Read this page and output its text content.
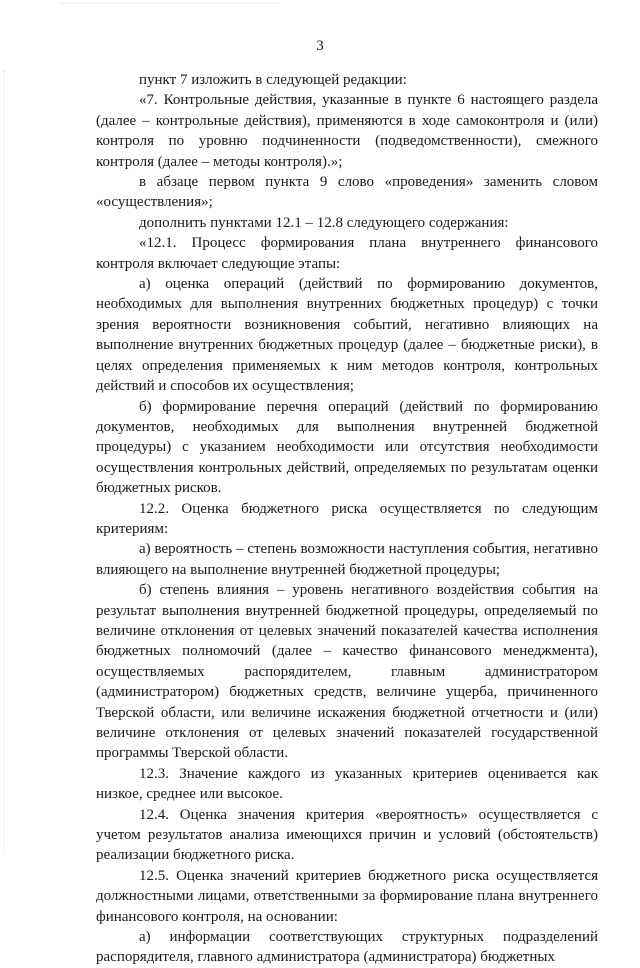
3

пункт 7 изложить в следующей редакции:

«7. Контрольные действия, указанные в пункте 6 настоящего раздела (далее – контрольные действия), применяются в ходе самоконтроля и (или) контроля по уровню подчиненности (подведомственности), смежного контроля (далее – методы контроля).»;

в абзаце первом пункта 9 слово «проведения» заменить словом «осуществления»;

дополнить пунктами 12.1 – 12.8 следующего содержания:

«12.1. Процесс формирования плана внутреннего финансового контроля включает следующие этапы:

а) оценка операций (действий по формированию документов, необходимых для выполнения внутренних бюджетных процедур) с точки зрения вероятности возникновения событий, негативно влияющих на выполнение внутренних бюджетных процедур (далее – бюджетные риски), в целях определения применяемых к ним методов контроля, контрольных действий и способов их осуществления;

б) формирование перечня операций (действий по формированию документов, необходимых для выполнения внутренней бюджетной процедуры) с указанием необходимости или отсутствия необходимости осуществления контрольных действий, определяемых по результатам оценки бюджетных рисков.

12.2. Оценка бюджетного риска осуществляется по следующим критериям:

а) вероятность – степень возможности наступления события, негативно влияющего на выполнение внутренней бюджетной процедуры;

б) степень влияния – уровень негативного воздействия события на результат выполнения внутренней бюджетной процедуры, определяемый по величине отклонения от целевых значений показателей качества исполнения бюджетных полномочий (далее – качество финансового менеджмента), осуществляемых распорядителем, главным администратором (администратором) бюджетных средств, величине ущерба, причиненного Тверской области, или величине искажения бюджетной отчетности и (или) величине отклонения от целевых значений показателей государственной программы Тверской области.

12.3. Значение каждого из указанных критериев оценивается как низкое, среднее или высокое.

12.4. Оценка значения критерия «вероятность» осуществляется с учетом результатов анализа имеющихся причин и условий (обстоятельств) реализации бюджетного риска.

12.5. Оценка значений критериев бюджетного риска осуществляется должностными лицами, ответственными за формирование плана внутреннего финансового контроля, на основании:

а) информации соответствующих структурных подразделений распорядителя, главного администратора (администратора) бюджетных
